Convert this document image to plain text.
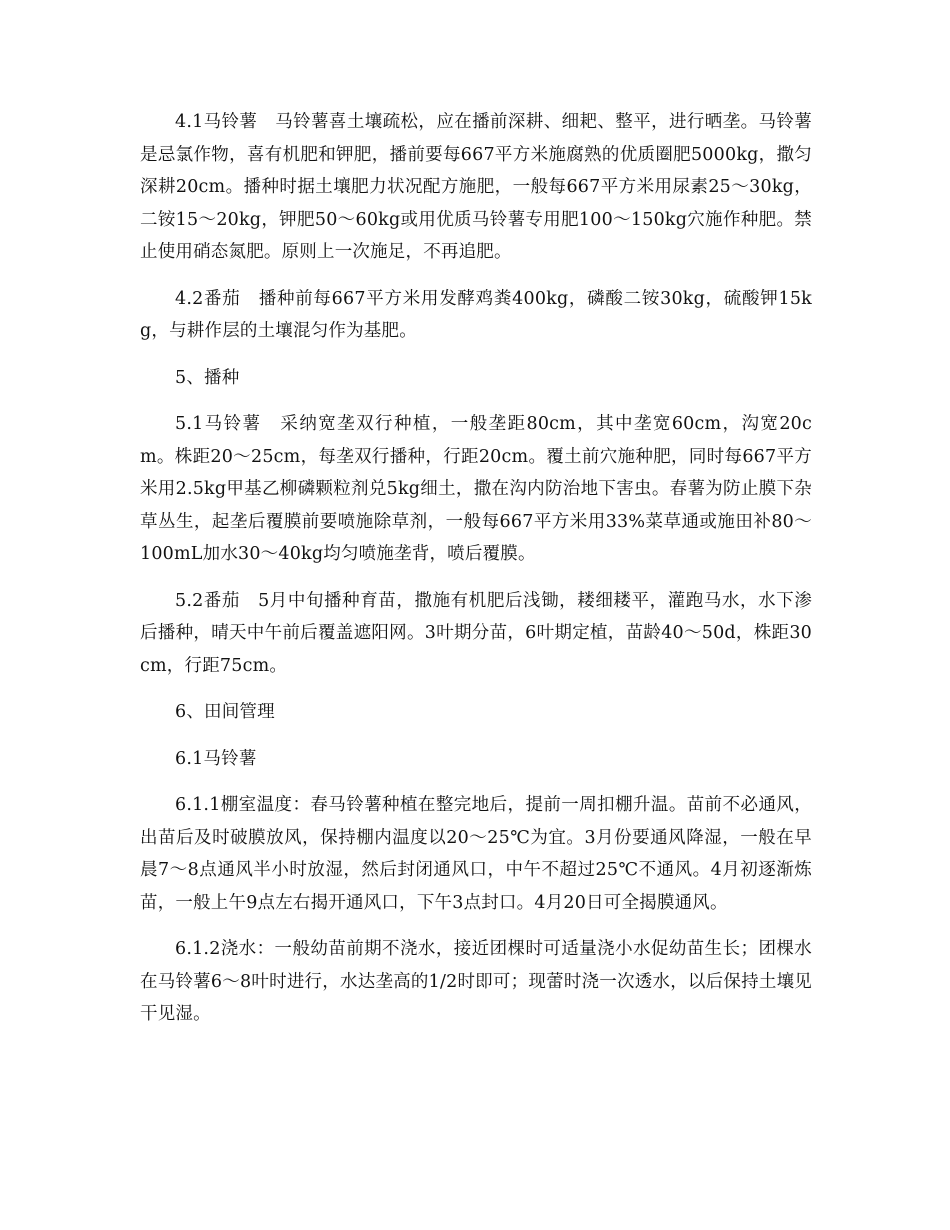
4.1马铃薯　马铃薯喜土壤疏松，应在播前深耕、细耙、整平，进行晒垄。马铃薯是忌氯作物，喜有机肥和钾肥，播前要每667平方米施腐熟的优质圈肥5000kg，撒匀深耕20cm。播种时据土壤肥力状况配方施肥，一般每667平方米用尿素25～30kg，二铵15～20kg，钾肥50～60kg或用优质马铃薯专用肥100～150kg穴施作种肥。禁止使用硝态氮肥。原则上一次施足，不再追肥。

4.2番茄　播种前每667平方米用发酵鸡粪400kg，磷酸二铵30kg，硫酸钾15kg，与耕作层的土壤混匀作为基肥。

5、播种

5.1马铃薯　采纳宽垄双行种植，一般垄距80cm，其中垄宽60cm，沟宽20cm。株距20～25cm，每垄双行播种，行距20cm。覆土前穴施种肥，同时每667平方米用2.5kg甲基乙柳磷颗粒剂兑5kg细土，撒在沟内防治地下害虫。春薯为防止膜下杂草丛生，起垄后覆膜前要喷施除草剂，一般每667平方米用33%菜草通或施田补80～100mL加水30～40kg均匀喷施垄背，喷后覆膜。

5.2番茄　5月中旬播种育苗，撒施有机肥后浅锄，耧细耧平，灌跑马水，水下渗后播种，晴天中午前后覆盖遮阳网。3叶期分苗，6叶期定植，苗龄40～50d，株距30cm，行距75cm。

6、田间管理

6.1马铃薯

6.1.1棚室温度：春马铃薯种植在整完地后，提前一周扣棚升温。苗前不必通风，出苗后及时破膜放风，保持棚内温度以20～25℃为宜。3月份要通风降湿，一般在早晨7～8点通风半小时放湿，然后封闭通风口，中午不超过25℃不通风。4月初逐渐炼苗，一般上午9点左右揭开通风口，下午3点封口。4月20日可全揭膜通风。

6.1.2浇水：一般幼苗前期不浇水，接近团棵时可适量浇小水促幼苗生长；团棵水在马铃薯6～8叶时进行，水达垄高的1/2时即可；现蕾时浇一次透水，以后保持土壤见干见湿。
